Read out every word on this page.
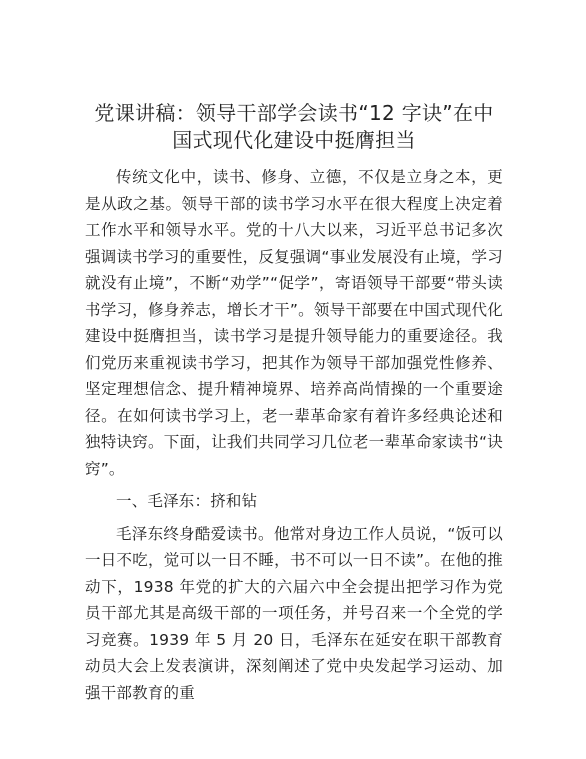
党课讲稿：领导干部学会读书“12 字诀”在中国式现代化建设中挺膺担当

传统文化中，读书、修身、立德，不仅是立身之本，更是从政之基。领导干部的读书学习水平在很大程度上决定着工作水平和领导水平。党的十八大以来，习近平总书记多次强调读书学习的重要性，反复强调“事业发展没有止境，学习就没有止境”，不断“劝学”“促学”，寄语领导干部要“带头读书学习，修身养志，增长才干”。领导干部要在中国式现代化建设中挺膺担当，读书学习是提升领导能力的重要途径。我们党历来重视读书学习，把其作为领导干部加强党性修养、坚定理想信念、提升精神境界、培养高尚情操的一个重要途径。在如何读书学习上，老一辈革命家有着许多经典论述和独特诀窍。下面，让我们共同学习几位老一辈革命家读书“诀窍”。

一、毛泽东：挤和钻

毛泽东终身酷爱读书。他常对身边工作人员说，“饭可以一日不吃，觉可以一日不睡，书不可以一日不读”。在他的推动下，1938 年党的扩大的六届六中全会提出把学习作为党员干部尤其是高级干部的一项任务，并号召来一个全党的学习竞赛。1939 年 5 月 20 日，毛泽东在延安在职干部教育动员大会上发表演讲，深刻阐述了党中央发起学习运动、加强干部教育的重
